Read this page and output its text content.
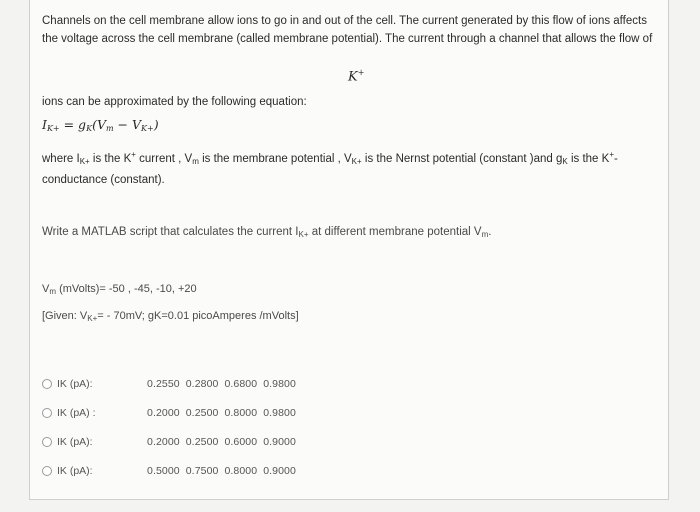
Channels on the cell membrane allow ions to go in and out of the cell. The current generated by this flow of ions affects the voltage across the cell membrane (called membrane potential). The current through a channel that allows the flow of
K+
ions can be approximated by the following equation:
$I_{K+} = g_K(V_m - V_{K+})$
where $I_{K+}$ is the K+ current , $V_m$ is the membrane potential , $V_{K+}$ is the Nernst potential (constant )and $g_K$ is the K+-conductance (constant).
Write a MATLAB script that calculates the current $I_{K+}$ at different membrane potential $V_m$.
$V_m$ (mVolts)= -50 , -45, -10, +20
[Given: $V_{K+}= - 70mV$; gK=0.01 picoAmperes /mVolts]
IK (pA):	0.2550 0.2800 0.6800 0.9800
IK (pA) :	0.2000 0.2500 0.8000 0.9800
IK (pA):	0.2000 0.2500 0.6000 0.9000
IK (pA):	0.5000 0.7500 0.8000 0.9000
